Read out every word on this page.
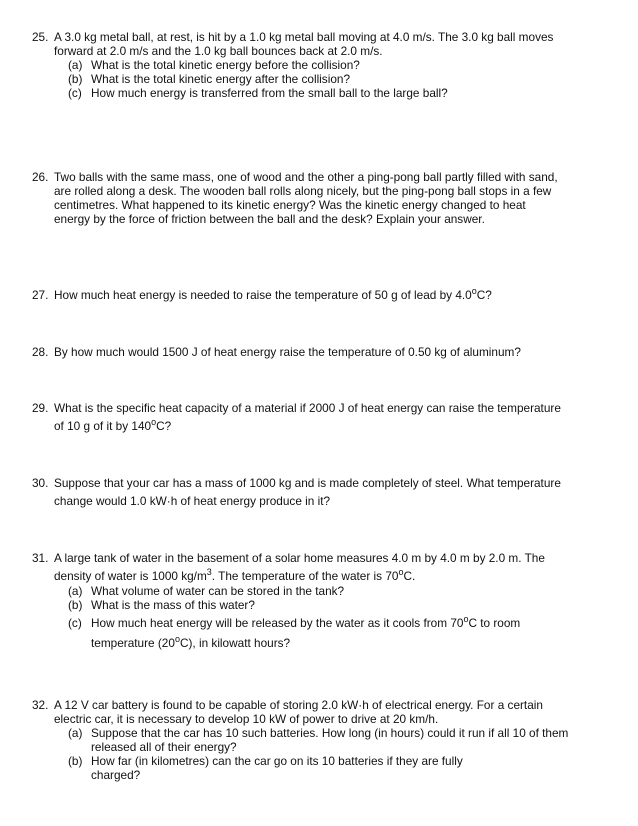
25. A 3.0 kg metal ball, at rest, is hit by a 1.0 kg metal ball moving at 4.0 m/s. The 3.0 kg ball moves
forward at 2.0 m/s and the 1.0 kg ball bounces back at 2.0 m/s.
(a) What is the total kinetic energy before the collision?
(b) What is the total kinetic energy after the collision?
(c) How much energy is transferred from the small ball to the large ball?
26. Two balls with the same mass, one of wood and the other a ping-pong ball partly filled with sand,
are rolled along a desk. The wooden ball rolls along nicely, but the ping-pong ball stops in a few
centimetres. What happened to its kinetic energy? Was the kinetic energy changed to heat
energy by the force of friction between the ball and the desk? Explain your answer.
27. How much heat energy is needed to raise the temperature of 50 g of lead by 4.0$^o$C?
28. By how much would 1500 J of heat energy raise the temperature of 0.50 kg of aluminum?
29. What is the specific heat capacity of a material if 2000 J of heat energy can raise the temperature
of 10 g of it by 140$^o$C?
30. Suppose that your car has a mass of 1000 kg and is made completely of steel. What temperature
change would 1.0 kW·h of heat energy produce in it?
31. A large tank of water in the basement of a solar home measures 4.0 m by 4.0 m by 2.0 m. The
density of water is 1000 $kg/m^3$. The temperature of the water is 70$^o$C.
(a) What volume of water can be stored in the tank?
(b) What is the mass of this water?
(c) How much heat energy will be released by the water as it cools from 70$^o$C to room
temperature (20$^o$C), in kilowatt hours?
32. A 12 V car battery is found to be capable of storing 2.0 kW·h of electrical energy. For a certain
electric car, it is necessary to develop 10 kW of power to drive at 20 km/h.
(a) Suppose that the car has 10 such batteries. How long (in hours) could it run if all 10 of them
released all of their energy?
(b) How far (in kilometres) can the car go on its 10 batteries if they are fully
charged?
